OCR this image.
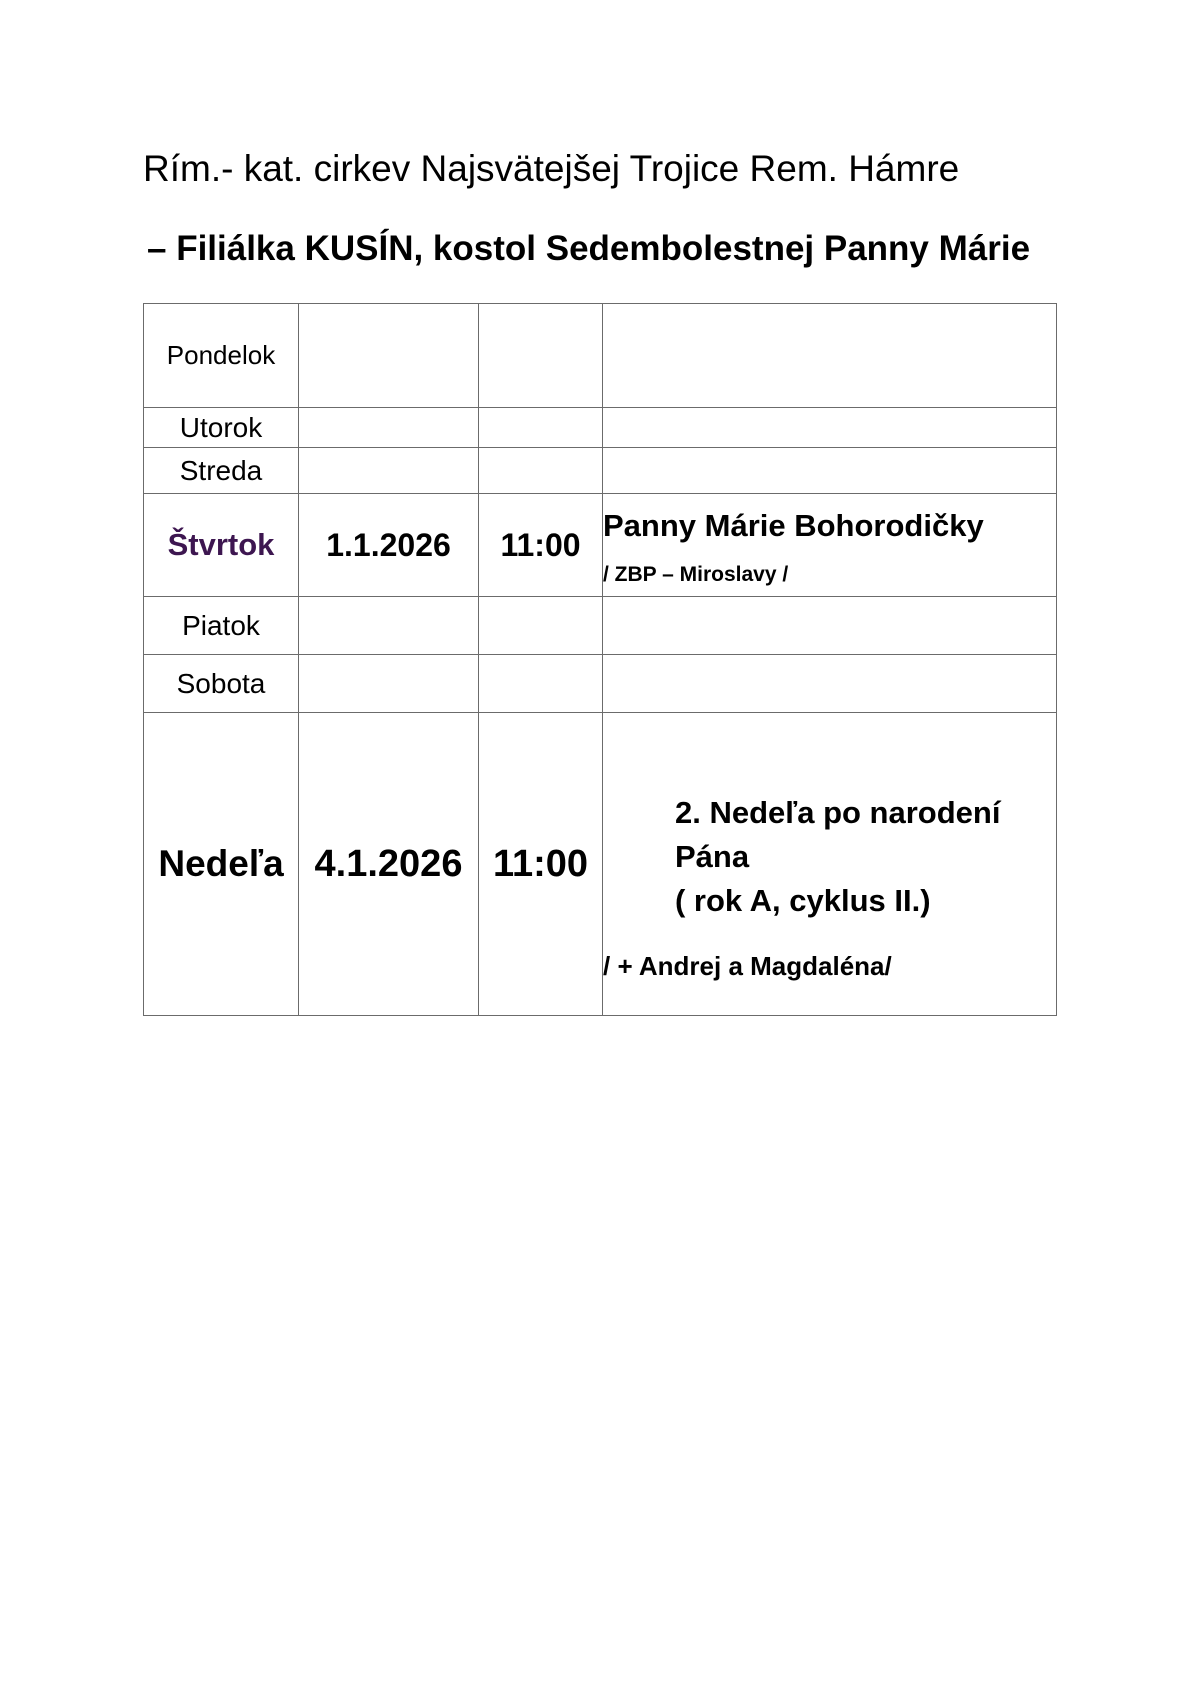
Rím.- kat. cirkev Najsvätejšej Trojice Rem. Hámre
– Filiálka KUSÍN, kostol Sedembolestnej Panny Márie
Pondelok			
Utorok			
Streda			
Štvrtok	1.1.2026	11:00	Panny Márie Bohorodičky
/ ZBP – Miroslavy /

Piatok			
Sobota			
Nedeľa	4.1.2026	11:00	2. Nedeľa po narodení
Pána
( rok A, cyklus II.)
/ + Andrej a Magdaléna/
